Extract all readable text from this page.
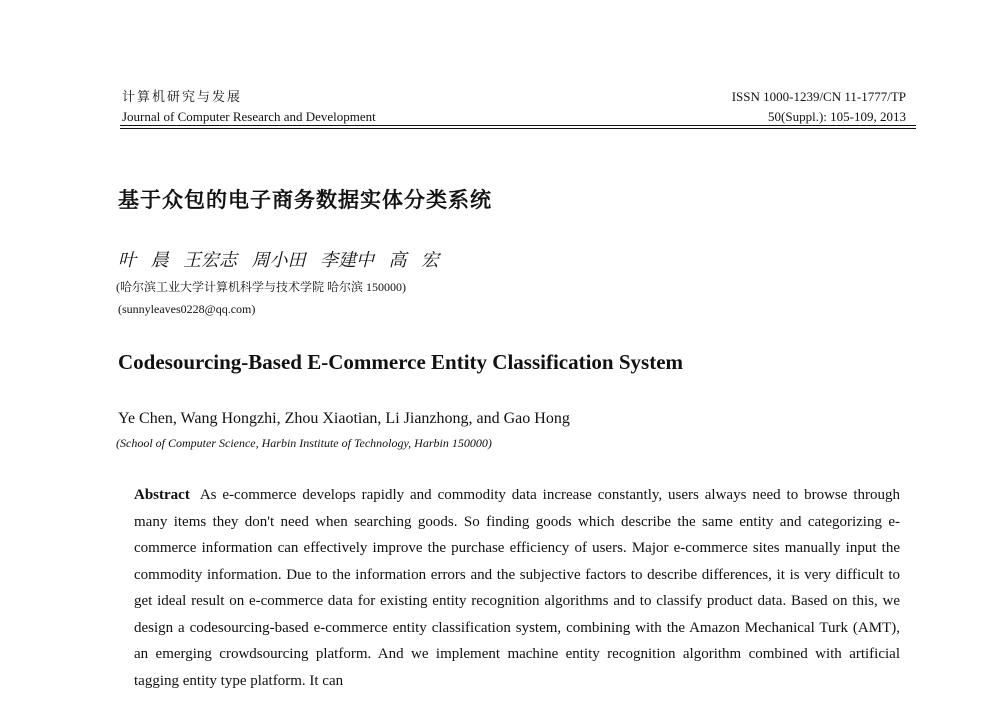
计算机研究与发展
Journal of Computer Research and Development
ISSN 1000-1239/CN 11-1777/TP
50(Suppl.): 105-109, 2013
基于众包的电子商务数据实体分类系统
叶 晨 王宏志 周小田 李建中 高 宏
(哈尔滨工业大学计算机科学与技术学院 哈尔滨 150000)
(sunnyleaves0228@qq.com)
Codesourcing-Based E-Commerce Entity Classification System
Ye Chen, Wang Hongzhi, Zhou Xiaotian, Li Jianzhong, and Gao Hong
(School of Computer Science, Harbin Institute of Technology, Harbin 150000)

Abstract As e-commerce develops rapidly and commodity data increase constantly, users always need to browse through many items they don't need when searching goods. So finding goods which describe the same entity and categorizing e-commerce information can effectively improve the purchase efficiency of users. Major e-commerce sites manually input the commodity information. Due to the information errors and the subjective factors to describe differences, it is very difficult to get ideal result on e-commerce data for existing entity recognition algorithms and to classify product data. Based on this, we design a codesourcing-based e-commerce entity classification system, combining with the Amazon Mechanical Turk (AMT), an emerging crowdsourcing platform. And we implement machine entity recognition algorithm combined with artificial tagging entity type platform. It can
